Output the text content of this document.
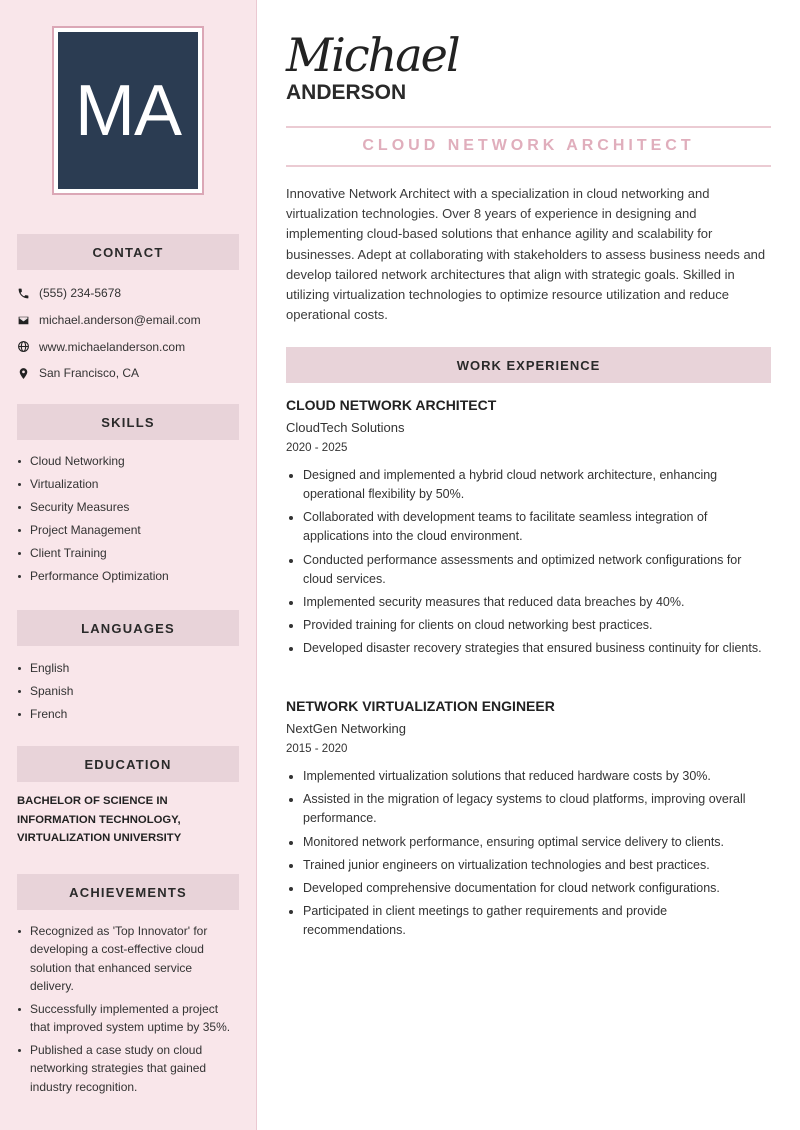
MA
CONTACT
(555) 234-5678
michael.anderson@email.com
www.michaelanderson.com
San Francisco, CA
SKILLS
Cloud Networking
Virtualization
Security Measures
Project Management
Client Training
Performance Optimization
LANGUAGES
English
Spanish
French
EDUCATION
BACHELOR OF SCIENCE IN INFORMATION TECHNOLOGY, VIRTUALIZATION UNIVERSITY
ACHIEVEMENTS
Recognized as 'Top Innovator' for developing a cost-effective cloud solution that enhanced service delivery.
Successfully implemented a project that improved system uptime by 35%.
Published a case study on cloud networking strategies that gained industry recognition.
Michael
ANDERSON
CLOUD NETWORK ARCHITECT
Innovative Network Architect with a specialization in cloud networking and virtualization technologies. Over 8 years of experience in designing and implementing cloud-based solutions that enhance agility and scalability for businesses. Adept at collaborating with stakeholders to assess business needs and develop tailored network architectures that align with strategic goals. Skilled in utilizing virtualization technologies to optimize resource utilization and reduce operational costs.
WORK EXPERIENCE
CLOUD NETWORK ARCHITECT
CloudTech Solutions
2020 - 2025
Designed and implemented a hybrid cloud network architecture, enhancing operational flexibility by 50%.
Collaborated with development teams to facilitate seamless integration of applications into the cloud environment.
Conducted performance assessments and optimized network configurations for cloud services.
Implemented security measures that reduced data breaches by 40%.
Provided training for clients on cloud networking best practices.
Developed disaster recovery strategies that ensured business continuity for clients.
NETWORK VIRTUALIZATION ENGINEER
NextGen Networking
2015 - 2020
Implemented virtualization solutions that reduced hardware costs by 30%.
Assisted in the migration of legacy systems to cloud platforms, improving overall performance.
Monitored network performance, ensuring optimal service delivery to clients.
Trained junior engineers on virtualization technologies and best practices.
Developed comprehensive documentation for cloud network configurations.
Participated in client meetings to gather requirements and provide recommendations.
